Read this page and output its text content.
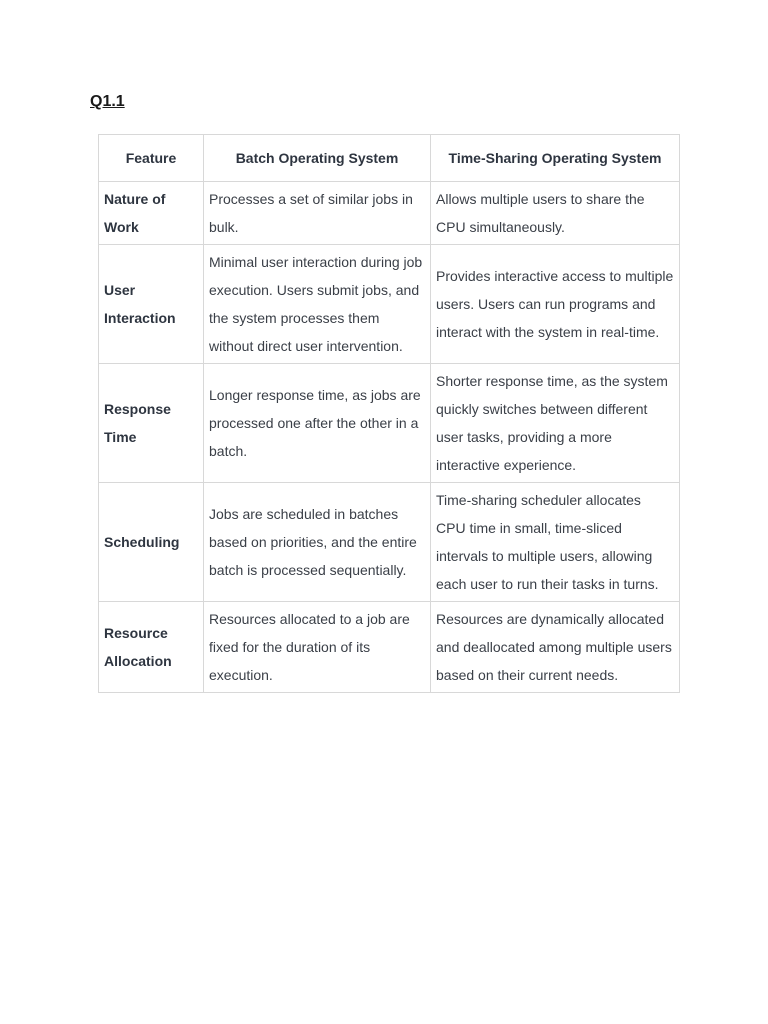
Q1.1
Feature	Batch Operating System	Time-Sharing Operating System
Nature of Work	Processes a set of similar jobs in bulk.	Allows multiple users to share the CPU simultaneously.
User Interaction	Minimal user interaction during job execution. Users submit jobs, and the system processes them without direct user intervention.	Provides interactive access to multiple users. Users can run programs and interact with the system in real-time.
Response Time	Longer response time, as jobs are processed one after the other in a batch.	Shorter response time, as the system quickly switches between different user tasks, providing a more interactive experience.
Scheduling	Jobs are scheduled in batches based on priorities, and the entire batch is processed sequentially.	Time-sharing scheduler allocates CPU time in small, time-sliced intervals to multiple users, allowing each user to run their tasks in turns.
Resource Allocation	Resources allocated to a job are fixed for the duration of its execution.	Resources are dynamically allocated and deallocated among multiple users based on their current needs.
